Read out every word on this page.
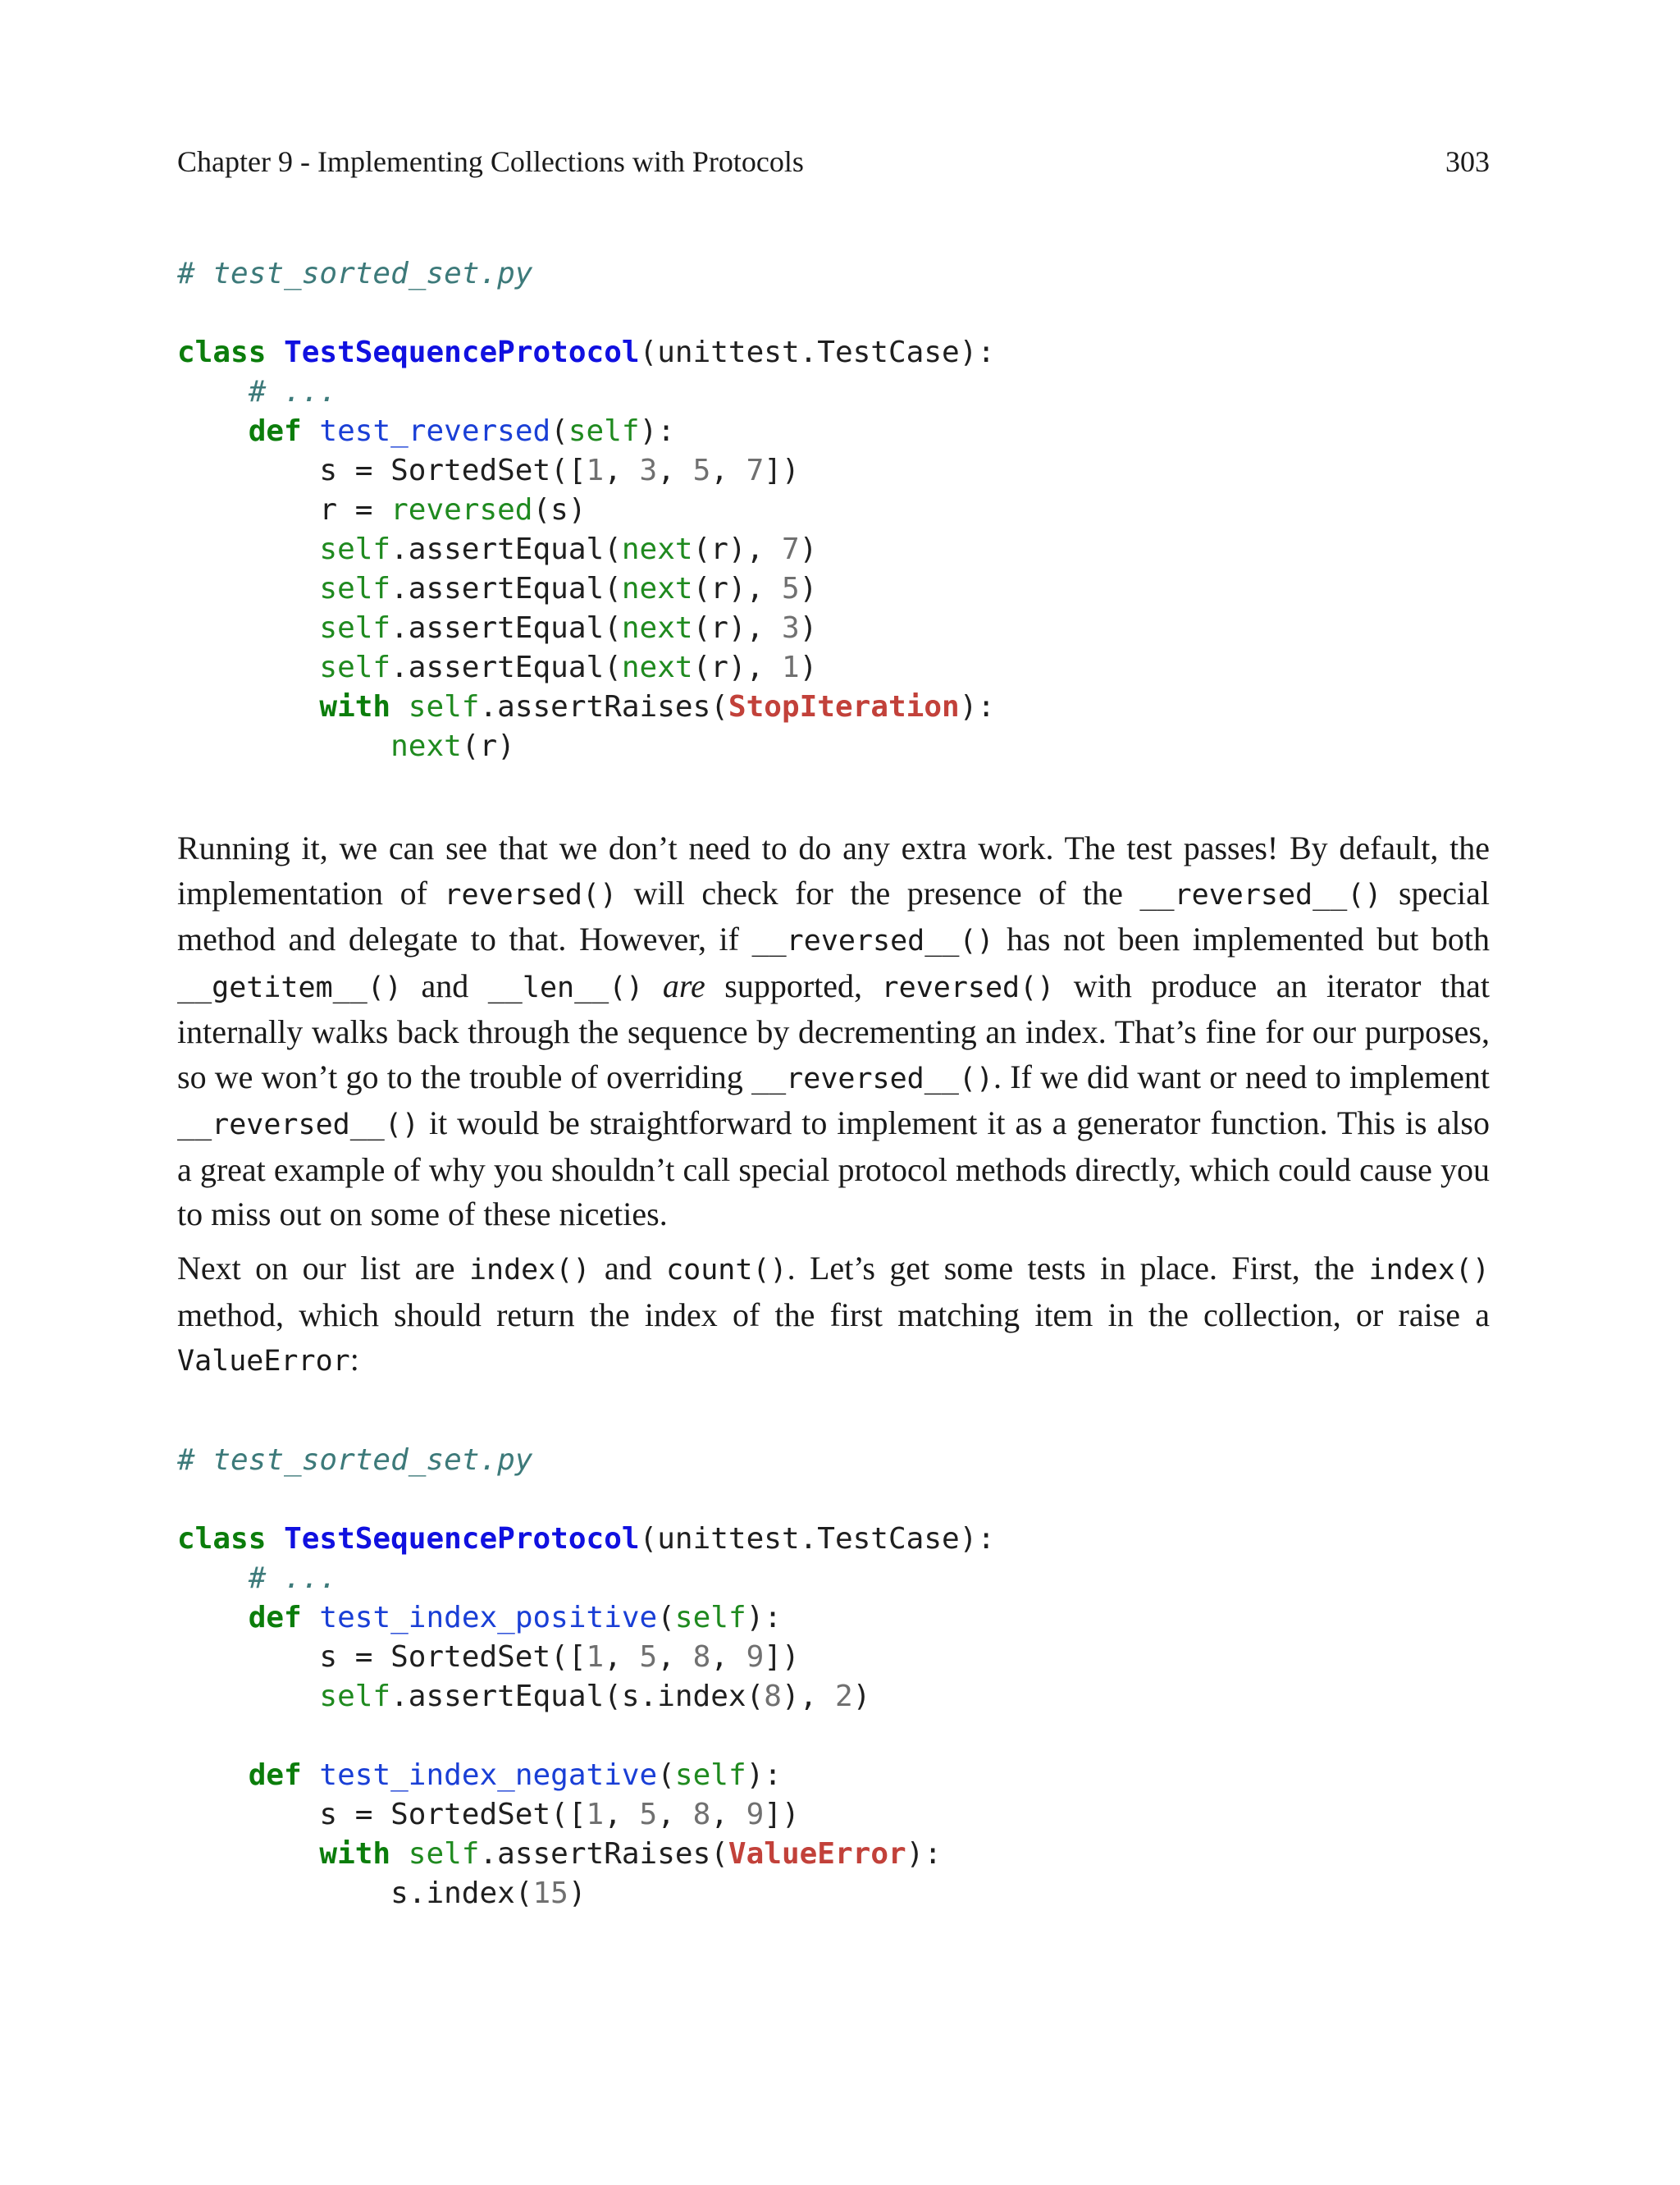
Chapter 9 - Implementing Collections with Protocols	303
# test_sorted_set.py
class TestSequenceProtocol(unittest.TestCase):
# ...
def test_reversed(self):
s = SortedSet([1, 3, 5, 7])
r = reversed(s)
self.assertEqual(next(r), 7)
self.assertEqual(next(r), 5)
self.assertEqual(next(r), 3)
self.assertEqual(next(r), 1)
with self.assertRaises(StopIteration):
next(r)

Running it, we can see that we don’t need to do any extra work. The test passes! By default, the implementation of reversed() will check for the presence of the __reversed__() special method and delegate to that. However, if __reversed__() has not been implemented but both __getitem__() and __len__() are supported, reversed() with produce an iterator that internally walks back through the sequence by decrementing an index. That’s fine for our purposes, so we won’t go to the trouble of overriding __reversed__(). If we did want or need to implement __reversed__() it would be straightforward to implement it as a generator function. This is also a great example of why you shouldn’t call special protocol methods directly, which could cause you to miss out on some of these niceties.

Next on our list are index() and count(). Let’s get some tests in place. First, the index() method, which should return the index of the first matching item in the collection, or raise a ValueError:

# test_sorted_set.py
class TestSequenceProtocol(unittest.TestCase):
# ...
def test_index_positive(self):
s = SortedSet([1, 5, 8, 9])
self.assertEqual(s.index(8), 2)
def test_index_negative(self):
s = SortedSet([1, 5, 8, 9])
with self.assertRaises(ValueError):
s.index(15)
